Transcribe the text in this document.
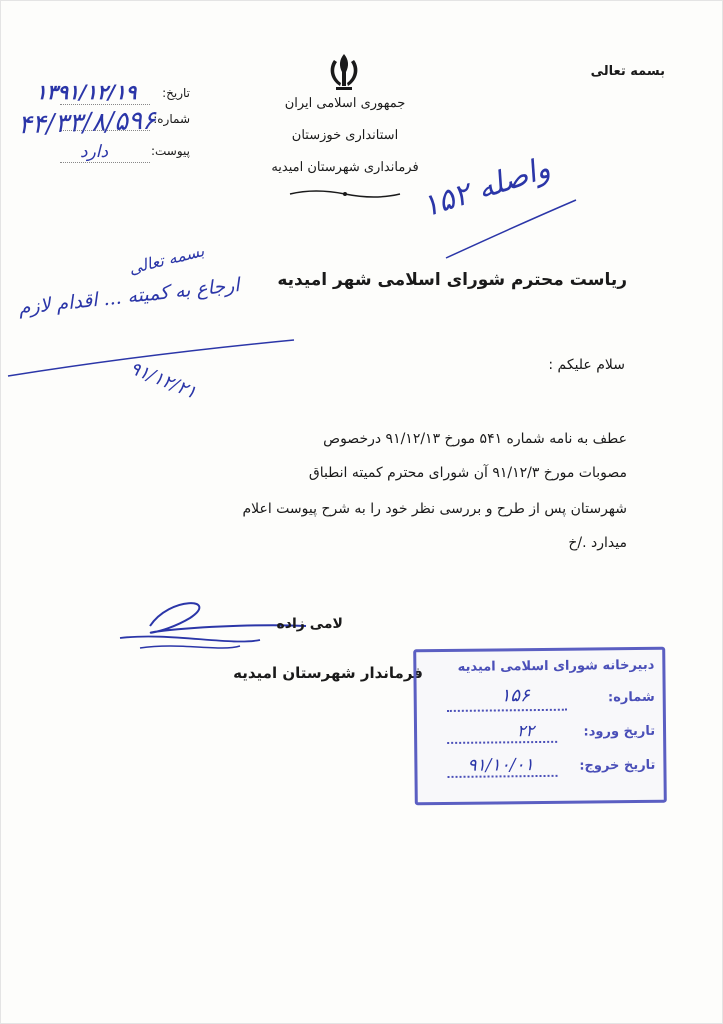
بسمه تعالی
جمهوری اسلامی ایران
استانداری خوزستان
فرمانداری شهرستان امیدیه
تاریخ:
شماره:
پیوست:
۱۳۹۱/۱۲/۱۹
۴۴/۳۳/۸/۵۹۶
دارد
واصله ۱۵۲
بسمه تعالی
ارجاع به کمیته ... اقدام لازم
۹۱/۱۲/۲۱
ریاست محترم شورای اسلامی شهر امیدیه
سلام علیکم :
عطف به نامه شماره ۵۴۱ مورخ ۹۱/۱۲/۱۳ درخصوص
مصوبات مورخ ۹۱/۱۲/۳ آن شورای محترم کمیته انطباق
شهرستان پس از طرح و بررسی نظر خود را به شرح پیوست اعلام
میدارد ./خ
لامی زاده
فرماندار شهرستان امیدیه	دبیرخانه شورای اسلامی امیدیه
شماره:
۱۵۶
تاریخ ورود:
۲۲
تاریخ خروج:
۹۱/۱۰/۰۱
